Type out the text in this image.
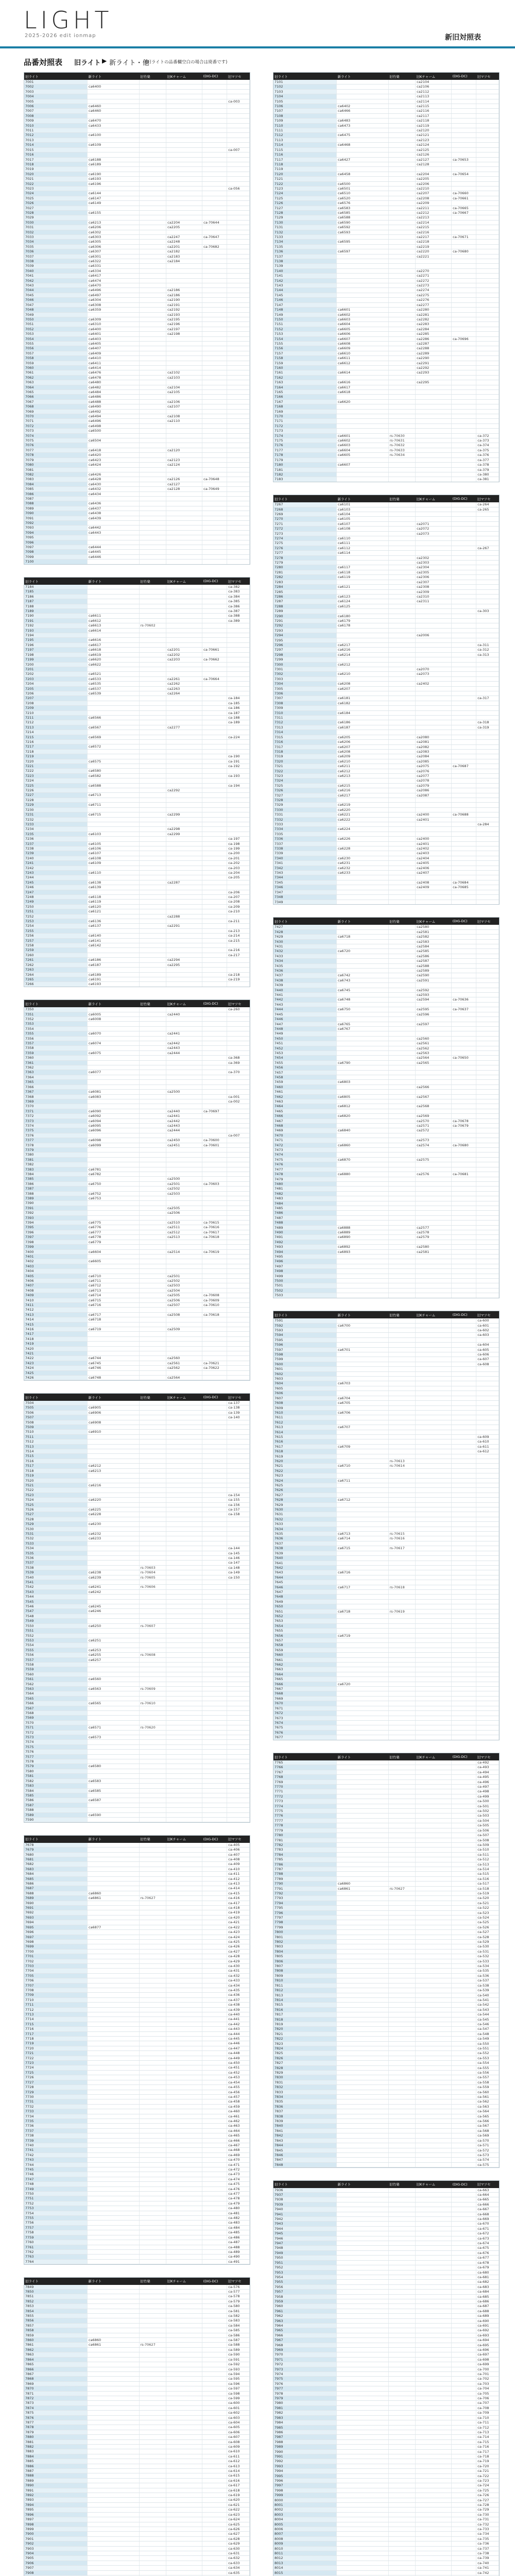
LIGHT
2025-2026 edit ionmap	新旧対照表
品番対照表 旧ライト ▶ 新ライト・他
(旧ライトの品番欄空白の場合は廃番です)
旧ライト	新ライト	旧竹楽	旧Kチャーム	(DIG-DC)	旧マツセ
7001					
7002	ca6400				
7003					
7004					
7005					ca-003
7006	ca6460				
7007	ca6460				
7008					
7009	ca6470				
7010	ca6433				
7011					
7012	ca6100				
7013					
7014	ca6109				
7015					ca-007
7016					
7017	ca6188				
7018	ca6189				
7019					
7020	ca6190				
7021	ca6193				
7022	ca6196				
7023					ca-056
7024	ca6144				
7025	ca6147				
7026	ca6149				
7027					
7028	ca6155				
7029					
7030	ca6213		ca2204	ca-70644	
7031	ca6206		ca2205		
7032	ca6302				
7033	ca6303		ca2247	ca-70647	
7034	ca6305		ca2248		
7035	ca6306		ca2201	ca-70682	
7036	ca6307		ca2182		
7037	ca6301		ca2183		
7038	ca6322		ca2184		
7039	ca6331				
7040	ca6334				
7041	ca6417				
7042	ca6474				
7043	ca6470				
7044	ca6496		ca2186		
7045	ca6497		ca2186		
7046	ca6304		ca2190		
7047	ca6308		ca2191		
7048	ca6359		ca2192		
7049			ca2193		
7050	ca6309		ca2195		
7051	ca6310		ca2196		
7052	ca6400		ca2197		
7053	ca6401		ca2198		
7054	ca6403				
7055	ca6405				
7056	ca6407				
7057	ca6409				
7058	ca6410				
7059	ca6411				
7060	ca6414				
7061	ca6476		ca2102		
7062	ca6478		ca2103		
7063	ca6480				
7064	ca6482		ca2104		
7065	ca6484		ca2105		
7066	ca6486				
7067	ca6488		ca2106		
7068	ca6490		ca2107		
7069	ca6492				
7070	ca6494		ca2108		
7071	ca6496		ca2110		
7072	ca6498				
7073	ca6500				
7074					
7075	ca6504				
7076					
7077	ca6418		ca2120		
7078	ca6420				
7079	ca6423		ca2123		
7080	ca6424		ca2124		
7081					
7082	ca6426				
7083	ca6428		ca2126	ca-70648	
7084	ca6430		ca2127		
7085	ca6432		ca2128	ca-70649	
7086	ca6434				
7087					
7088	ca6436				
7089	ca6437				
7090	ca6438				
7091	ca6439				
7092					
7093	ca6442				
7094	ca6443				
7095					
7096					
7097	ca6444				
7098	ca6445				
7099	ca6446				
7100					
旧ライト	新ライト	旧竹楽	旧Kチャーム	(DIG-DC)	旧マツセ
7101			ca2104		
7102			ca2106		
7103			ca2112		
7104			ca2113		
7105			ca2114		
7106	ca6402		ca2115		
7107	ca6466		ca2116		
7108			ca2117		
7109	ca6483		ca2118		
7110	ca6473		ca2119		
7111			ca2120		
7112	ca6475		ca2121		
7113			ca2123		
7114	ca6468		ca2124		
7115			ca2125		
7116			ca2126		
7117	ca6427		ca2127	ca-70653	
7118			ca2128		
7119					
7120	ca6458		ca2204	ca-70654	
7121			ca2205		
7122	ca6500		ca2206		
7123	ca6501		ca2210		
7124	ca6510		ca2207	ca-70660	
7125	ca6520		ca2208	ca-70661	
7126	ca6576		ca2209		
7127	ca6583		ca2211	ca-70665	
7128	ca6585		ca2212	ca-70667	
7129	ca6588		ca2213		
7130	ca6590		ca2214		
7131	ca6592		ca2215		
7132	ca6593		ca2216		
7133			ca2217	ca-70671	
7134	ca6595		ca2218		
7135			ca2219		
7136	ca6597		ca2220	ca-70680	
7137			ca2221		
7138					
7139					
7140			ca2270		
7141			ca2271		
7142			ca2272		
7143			ca2273		
7144			ca2274		
7145			ca2275		
7146			ca2276		
7147			ca2277		
7148	ca6601		ca2280		
7149	ca6602		ca2281		
7150	ca6603		ca2282		
7151	ca6604		ca2283		
7152	ca6605		ca2284		
7153	ca6606		ca2285		
7154	ca6607		ca2286	ca-70696	
7155	ca6608		ca2287		
7156	ca6609		ca2288		
7157	ca6610		ca2289		
7158	ca6611		ca2290		
7159	ca6612		ca2291		
7160			ca2292		
7161	ca6614		ca2293		
7162					
7163	ca6616		ca2295		
7164	ca6617				
7165	ca6618				
7166					
7167	ca6620				
7168					
7169					
7170					
7171					
7172					
7173					
7174	ca6601	rs-70630			ca-372
7175	ca6602	rs-70631			ca-373
7176	ca6603	rs-70632			ca-374
7177	ca6604	rs-70633			ca-375
7178	ca6605	rs-70634			ca-376
7179					ca-377
7180	ca6607				ca-378
7181					ca-379
7182					ca-380
7183					ca-381
旧ライト	新ライト	旧竹楽	旧Kチャーム	(DIG-DC)	旧マツセ
7184					ca-382
7185					ca-383
7186					ca-384
7187					ca-385
7188					ca-386
7189					ca-387
7190	ca6611				ca-388
7191	ca6612				ca-389
7192	ca6613	rs-70602			
7193	ca6614				
7194					
7195	ca6616				
7196	ca6617				
7197	ca6618		ca2201	ca-70661	
7198	ca6619		ca2202		
7199	ca6620		ca2203	ca-70662	
7200	ca6622				
7201					
7202	ca6521				
7203	ca6533		ca2261	ca-70664	
7204	ca6535		ca2262		
7205	ca6537		ca2263		
7206	ca6539		ca2264		
7207					ca-184
7208					ca-185
7209					ca-186
7210					ca-187
7211	ca6566				ca-188
7212					ca-189
7213	ca6567		ca2277		
7214					
7215	ca6569				ca-224
7216					
7217	ca6572				
7218					
7219					ca-190
7220	ca6575				ca-191
7221					ca-192
7222	ca6580				
7223	ca6582				ca-193
7224					
7225	ca6588				ca-194
7226			ca2292		
7227	ca6713				
7228					
7229	ca6711				
7230					
7231	ca6715		ca2299		
7232					
7233					
7234			ca2298		
7235	ca6103		ca2299		
7236					ca-197
7237	ca6105				ca-198
7238	ca6106				ca-199
7239	ca6107				ca-200
7240	ca6108				ca-201
7241	ca6109				ca-202
7242					ca-203
7243	ca6110				ca-204
7244					ca-205
7245	ca6138		ca2287		
7246	ca6139				
7247					ca-206
7248	ca6118				ca-207
7249	ca6119				ca-208
7250	ca6120				ca-209
7251	ca6121				ca-210
7252			ca2288		
7253	ca6136				ca-211
7254	ca6137		ca2291		
7255					ca-213
7256	ca6140				ca-214
7257	ca6141				ca-215
7258	ca6142				
7259					ca-216
7260					ca-217
7261	ca6186		ca2294		
7262	ca6187		ca2295		
7263					
7264	ca6189				ca-218
7265	ca6191				ca-219
7266	ca6193				
旧ライト	新ライト	旧竹楽	旧Kチャーム	(DIG-DC)	旧マツセ
7267	ca6101				ca-264
7268	ca6103				ca-265
7269	ca6104				
7270	ca6105				
7271	ca6107		ca2071		
7272	ca6108		ca2072		
7273			ca2073		
7274	ca6110				
7275	ca6111				
7276	ca6112				ca-267
7277	ca6114				
7278			ca2302		
7279			ca2303		
7280	ca6117		ca2304		
7281	ca6118		ca2305		
7282	ca6119		ca2306		
7283			ca2307		
7284	ca6121		ca2308		
7285			ca2309		
7286	ca6123		ca2310		
7287	ca6124		ca2311		
7288	ca6125				
7289					ca-303
7290	ca6180				
7291	ca6179				
7292	ca6178				
7293					
7294			ca2006		
7295					
7296	ca6217				ca-311
7297	ca6216				ca-312
7298	ca6214				ca-313
7299					
7300	ca6212				
7301			ca2070		
7302	ca6210		ca2073		
7303					
7304	ca6208		ca2402		
7305	ca6207				
7306					
7307	ca6181				ca-317
7308	ca6182				
7309					
7310	ca6184				
7311					
7312	ca6186				ca-318
7313	ca6187				ca-319
7314					
7315	ca6205		ca2080		
7316	ca6206		ca2081		
7317	ca6207		ca2082		
7318	ca6208		ca2083		
7319	ca6209		ca2084		
7320	ca6210		ca2085		
7321	ca6211		ca2075	ca-70687	
7322	ca6212		ca2076		
7323	ca6213		ca2077		
7324			ca2078		
7325	ca6215		ca2079		
7326	ca6216		ca2086		
7327	ca6217		ca2087		
7328					
7329	ca6219				
7330	ca6220				
7331	ca6221		ca2400	ca-70688	
7332	ca6222		ca2401		
7333					ca-284
7334	ca6224				
7335					
7336	ca6226		ca2400		
7337			ca2401		
7338	ca6228		ca2402		
7339			ca2403		
7340	ca6230		ca2404		
7341	ca6231		ca2405		
7342	ca6232		ca2406		
7343	ca6233		ca2407		
7344					
7345			ca2408	ca-70684	
7346			ca2409	ca-70685	
7347					
7348					
7349					
旧ライト	新ライト	旧竹楽	旧Kチャーム	(DIG-DC)	旧マツセ
7350					ca-260
7351	ca6005		ca2440		
7352	ca6008				
7353					
7354					
7355	ca6070		ca2441		
7356					
7357	ca6074		ca2442		
7358			ca2443		
7359	ca6075		ca2444		
7360					ca-368
7361					ca-369
7362					
7363	ca6077				ca-370
7364					
7365					
7366					
7367	ca6081		ca2500		
7368	ca6083				ca-001
7369					ca-002
7370					
7371	ca6090		ca2440	ca-70697	
7372	ca6092		ca2441		
7373	ca6094		ca2442		
7374	ca6095		ca2443		
7375	ca6096		ca2444		
7376					ca-007
7377	ca6098		ca2450	ca-70600	
7378	ca6099		ca2451	ca-70601	
7379					
7380					
7381					
7382					
7383	ca6781				
7384	ca6782				
7385			ca2500		
7386	ca6750		ca2501	ca-70603	
7387			ca2502		
7388	ca6752		ca2503		
7389	ca6753				
7390					
7391			ca2505		
7392			ca2506		
7393					
7394	ca6775		ca2510	ca-70615	
7395	ca6776		ca2511	ca-70616	
7396	ca6777		ca2512	ca-70617	
7397	ca6778		ca2513	ca-70618	
7398	ca6779				
7399					
7400	ca6604		ca2514	ca-70619	
7401					
7402	ca6605				
7403					
7404					
7405	ca6710		ca2501		
7406	ca6711		ca2502		
7407	ca6712		ca2503		
7408	ca6713		ca2504		
7409	ca6714		ca2505	ca-70608	
7410	ca6715		ca2506	ca-70609	
7411	ca6716		ca2507	ca-70610	
7412					
7413	ca6717		ca2508	ca-70618	
7414	ca6718				
7415					
7416	ca6719		ca2509		
7417					
7418					
7419					
7420					
7421					
7422	ca6744		ca2560		
7423	ca6745		ca2561	ca-70621	
7424	ca6746		ca2562	ca-70622	
7425					
7426	ca6748		ca2564		
旧ライト	新ライト	旧竹楽	旧Kチャーム	(DIG-DC)	旧マツセ
7427			ca2580		
7428			ca2581		
7429	ca6718		ca2582		
7430			ca2583		
7431			ca2584		
7432	ca6720		ca2585		
7433			ca2586		
7434			ca2587		
7435			ca2588		
7436			ca2589		
7437	ca6742		ca2590		
7438	ca6743		ca2591		
7439					
7440	ca6745		ca2592		
7441			ca2593		
7442	ca6748		ca2594	ca-70636	
7443					
7444	ca6750		ca2595	ca-70637	
7445			ca2596		
7446					
7447	ca6765		ca2597		
7448	ca6767				
7449					
7450			ca2560		
7451			ca2561		
7452			ca2562		
7453			ca2563		
7454			ca2564	ca-70650	
7455	ca6790		ca2565		
7456					
7457					
7458					
7459	ca6803				
7460			ca2566		
7461					
7462	ca6805		ca2567		
7463					
7464	ca6812		ca2568		
7465					
7466	ca6820		ca2569		
7467			ca2570	ca-70678	
7468			ca2571	ca-70679	
7469	ca6840		ca2572		
7470					
7471			ca2573		
7472	ca6860		ca2574	ca-70680	
7473					
7474					
7475	ca6870		ca2575		
7476					
7477					
7478	ca6880		ca2576	ca-70681	
7479					
7480					
7481					
7482					
7483					
7484					
7485					
7486					
7487					
7488					
7489	ca6888		ca2577		
7490	ca6889		ca2578		
7491	ca6890		ca2579		
7492					
7493	ca6892		ca2580		
7494	ca6893		ca2581		
7495					
7496					
7497					
7498					
7499					
7500					
7501					
7502					
7503					
旧ライト	新ライト	旧竹楽	旧Kチャーム	(DIG-DC)	旧マツセ
7504					ca-137
7505	ca6905				ca-138
7506	ca6906				ca-139
7507					ca-140
7508	ca6908				
7509					
7510	ca6910				
7511					
7512					
7513					
7514					
7515					
7516					
7517	ca6212				
7518	ca6213				
7519					
7520					
7521	ca6216				
7522					
7523					ca-154
7524	ca6220				ca-155
7525					ca-156
7526	ca6225				ca-157
7527	ca6228				ca-158
7528					
7529	ca6230				
7530					
7531	ca6232				
7532	ca6233				
7533					
7534					ca-144
7535					ca-145
7536					ca-146
7537					ca-147
7538		rs-70603			ca-148
7539	ca6238	rs-70604			ca-149
7540	ca6239	rs-70605			ca-150
7541					
7542	ca6241	rs-70606			
7543	ca6242				
7544					
7545					
7546	ca6245				
7547	ca6246				
7548					
7549					
7550	ca6250	rs-70607			
7551					
7552					
7553	ca6251				
7554					
7555	ca6253				
7556	ca6255	rs-70608			
7557	ca6257				
7558					
7559					
7560					
7561	ca6560				
7562					
7563	ca6563	rs-70609			
7564					
7565					
7566	ca6565	rs-70610			
7567					
7568					
7569					
7570					
7571	ca6571	rs-70620			
7572					
7573	ca6573				
7574					
7575					
7576					
7577					
7578					
7579	ca6580				
7580					
7581					
7582	ca6583				
7583					
7584	ca6585				
7585					
7586	ca6587				
7587					
7588					
7589	ca6590				
7590					
旧ライト	新ライト	旧竹楽	旧Kチャーム	(DIG-DC)	旧マツセ
7591					ca-600
7592	ca6700				ca-601
7593					ca-602
7594					ca-603
7595					
7596					ca-604
7597	ca6701				ca-605
7598					ca-606
7599					ca-607
7600					ca-608
7601					
7602					
7603					
7604	ca6703				
7605					
7606					
7607	ca6704				
7608	ca6705				
7609					
7610	ca6706				
7611					
7612					
7613	ca6707				
7614					
7615					ca-609
7616					ca-610
7617	ca6709				ca-611
7618					ca-612
7619					
7620		rs-70613			
7621	ca6710	rs-70614			
7622					
7623					
7624	ca6711				
7625					
7626					
7627					
7628	ca6712				
7629					
7630					
7631					
7632					
7633					
7634					
7635	ca6713	rs-70615			
7636	ca6714	rs-70616			
7637					
7638	ca6715	rs-70617			
7639					
7640					
7641					
7642					
7643	ca6716				
7644					
7645					
7646	ca6717	rs-70618			
7647					
7648					
7649					
7650					
7651	ca6718	rs-70619			
7652					
7653					
7654					
7655					
7656	ca6719				
7657					
7658					
7659					
7660					
7661					
7662					
7663					
7664					
7665					
7666	ca6720				
7667					
7668					
7669					
7670					
7671					
7672					
7673					
7674					
7675					
7676					
7677					
旧ライト	新ライト	旧竹楽	旧Kチャーム	(DIG-DC)	旧マツセ
7678					ca-405
7679					ca-406
7680					ca-407
7681					ca-408
7682					ca-409
7683					ca-410
7684					ca-411
7685					ca-412
7686					ca-413
7687					ca-414
7688	ca6860				ca-415
7689	ca6861	rs-70627			ca-416
7690					ca-417
7691					ca-418
7692					ca-419
7693					ca-420
7694					ca-421
7695	ca6877				ca-422
7696					ca-423
7697					ca-424
7698					ca-425
7699					ca-426
7700					ca-427
7701					ca-428
7702					ca-429
7703					ca-430
7704					ca-431
7705					ca-432
7706					ca-433
7707					ca-434
7708					ca-435
7709					ca-436
7710					ca-437
7711					ca-438
7712					ca-439
7713					ca-440
7714					ca-441
7715					ca-442
7716					ca-443
7717					ca-444
7718					ca-445
7719					ca-446
7720					ca-447
7721					ca-448
7722					ca-449
7723					ca-450
7724					ca-451
7725					ca-452
7726					ca-453
7727					ca-454
7728					ca-455
7729					ca-456
7730					ca-457
7731					ca-458
7732					ca-459
7733					ca-460
7734					ca-461
7735					ca-462
7736					ca-463
7737					ca-464
7738					ca-465
7739					ca-466
7740					ca-467
7741					ca-468
7742					ca-469
7743					ca-470
7744					ca-471
7745					ca-472
7746					ca-473
7747					ca-474
7748					ca-475
7749					ca-476
7750					ca-477
7751					ca-478
7752					ca-479
7753					ca-480
7754					ca-481
7755					ca-482
7756					ca-483
7757					ca-484
7758					ca-485
7759					ca-486
7760					ca-487
7761					ca-488
7762					ca-489
7763					ca-490
7764					ca-491
旧ライト	新ライト	旧竹楽	旧Kチャーム	(DIG-DC)	旧マツセ
7765					ca-492
7766					ca-493
7767					ca-494
7768					ca-495
7769					ca-496
7770					ca-497
7771					ca-498
7772					ca-499
7773					ca-500
7774					ca-501
7775					ca-502
7776					ca-503
7777					ca-504
7778					ca-505
7779					ca-506
7780					ca-507
7781					ca-508
7782					ca-509
7783					ca-510
7784					ca-511
7785					ca-512
7786					ca-513
7787					ca-514
7788					ca-515
7789					ca-516
7790	ca6860				ca-517
7791	ca6861	rs-70627			ca-518
7792					ca-519
7793					ca-520
7794					ca-521
7795					ca-522
7796					ca-523
7797					ca-524
7798					ca-525
7799					ca-526
7800					ca-527
7801					ca-528
7802					ca-529
7803					ca-530
7804					ca-531
7805					ca-532
7806					ca-533
7807					ca-534
7808					ca-535
7809					ca-536
7810					ca-537
7811					ca-538
7812					ca-539
7813					ca-540
7814					ca-541
7815					ca-542
7816					ca-543
7817					ca-544
7818					ca-545
7819					ca-546
7820					ca-547
7821					ca-548
7822					ca-549
7823					ca-550
7824					ca-551
7825					ca-552
7826					ca-553
7827					ca-554
7828					ca-555
7829					ca-556
7830					ca-557
7831					ca-558
7832					ca-559
7833					ca-560
7834					ca-561
7835					ca-562
7836					ca-563
7837					ca-564
7838					ca-565
7839					ca-566
7840					ca-567
7841					ca-568
7842					ca-569
7843					ca-570
7844					ca-571
7845					ca-572
7846					ca-573
7847					ca-574
7848					ca-575
旧ライト	新ライト	旧竹楽	旧Kチャーム	(DIG-DC)	旧マツセ
7849					ca-576
7850					ca-577
7851					ca-578
7852					ca-579
7853					ca-580
7854					ca-581
7855					ca-582
7856					ca-583
7857					ca-584
7858					ca-585
7859					ca-586
7860	ca6860				ca-587
7861	ca6861	rs-70627			ca-588
7862					ca-589
7863					ca-590
7864					ca-591
7865					ca-592
7866					ca-593
7867					ca-594
7868					ca-595
7869					ca-596
7870					ca-597
7871					ca-598
7872					ca-599
7873					ca-600
7874					ca-601
7875					ca-602
7876					ca-603
7877					ca-604
7878					ca-605
7879					ca-606
7880					ca-607
7881					ca-608
7882					ca-609
7883					ca-610
7884					ca-611
7885					ca-612
7886					ca-613
7887					ca-614
7888					ca-615
7889					ca-616
7890					ca-617
7891					ca-618
7892					ca-619
7893					ca-620
7894					ca-621
7895					ca-622
7896					ca-623
7897					ca-624
7898					ca-625
7899					ca-626
7900					ca-627
7901					ca-628
7902					ca-629
7903					ca-630
7904					ca-631
7905					ca-632
7906					ca-633
7907					ca-634
7908					ca-635

旧ライト	新ライト	旧竹楽	旧Kチャーム	(DIG-DC)	旧マツセ
7936					ca-663
7937					ca-664
7938					ca-665
7939					ca-666
7940					ca-667
7941					ca-668
7942					ca-669
7943					ca-670
7944					ca-671
7945					ca-672
7946					ca-673
7947					ca-674
7948					ca-675
7949					ca-676
7950					ca-677
7951					ca-678
7952					ca-679
7953					ca-680
7954					ca-681
7955					ca-682
7956					ca-683
7957					ca-684
7958					ca-685
7959					ca-686
7960					ca-687
7961					ca-688
7962					ca-689
7963					ca-690
7964					ca-691
7965					ca-692
7966					ca-693
7967					ca-694
7968					ca-695
7969					ca-696
7970					ca-697
7971					ca-698
7972					ca-699
7973					ca-700
7974					ca-701
7975					ca-702
7976					ca-703
7977					ca-704
7978					ca-705
7979					ca-706
7980					ca-707
7981					ca-708
7982					ca-709
7983					ca-710
7984					ca-711
7985					ca-712
7986					ca-713
7987					ca-714
7988					ca-715
7989					ca-716
7990					ca-717
7991					ca-718
7992					ca-719
7993					ca-720
7994					ca-721
7995					ca-722
7996					ca-723
7997					ca-724
7998					ca-725
7999					ca-726
8000					ca-727
8001					ca-728
8002					ca-729
8003					ca-730
8004					ca-731
8005					ca-732
8006					ca-733
8007					ca-734
8008					ca-735
8009					ca-736
8010					ca-737
8011					ca-738
8012					ca-739
8013					ca-740
8014					ca-741
8015					ca-742
